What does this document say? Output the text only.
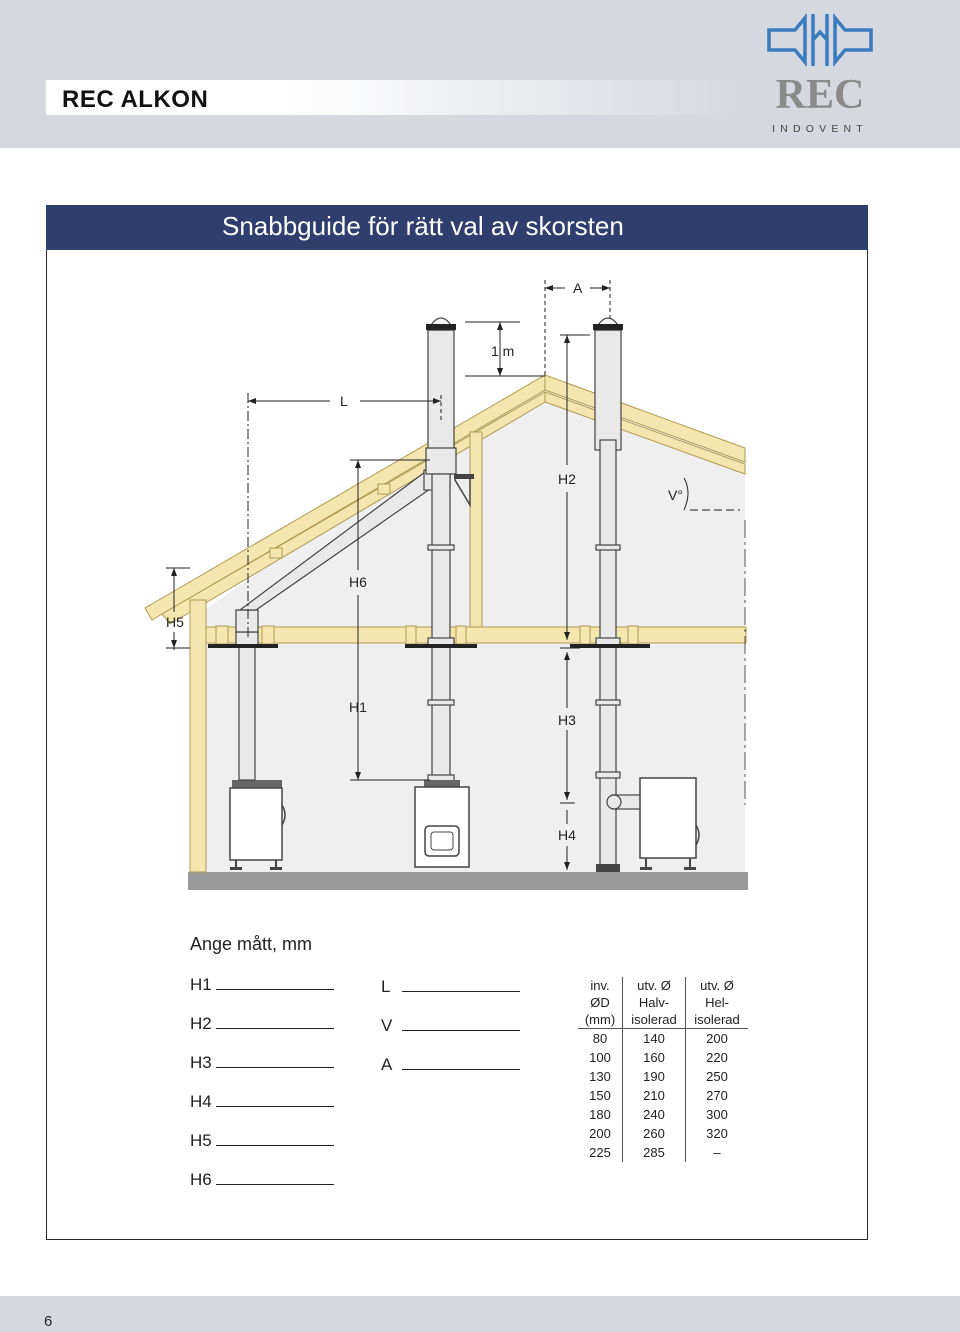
REC ALKON	REC
INDOVENT
Snabbguide för rätt val av skorsten
A
1 m
L
H2
V°
H6
H5
H1
H3
H4
Ange mått, mm
H1
H2
H3
H4
H5
H6
L
V
A
inv.	utv. Ø	utv. Ø
ØD	Halv-	Hel-
(mm)	isolerad	isolerad
80	140	200
100	160	220
130	190	250
150	210	270
180	240	300
200	260	320
225	285	–
6
